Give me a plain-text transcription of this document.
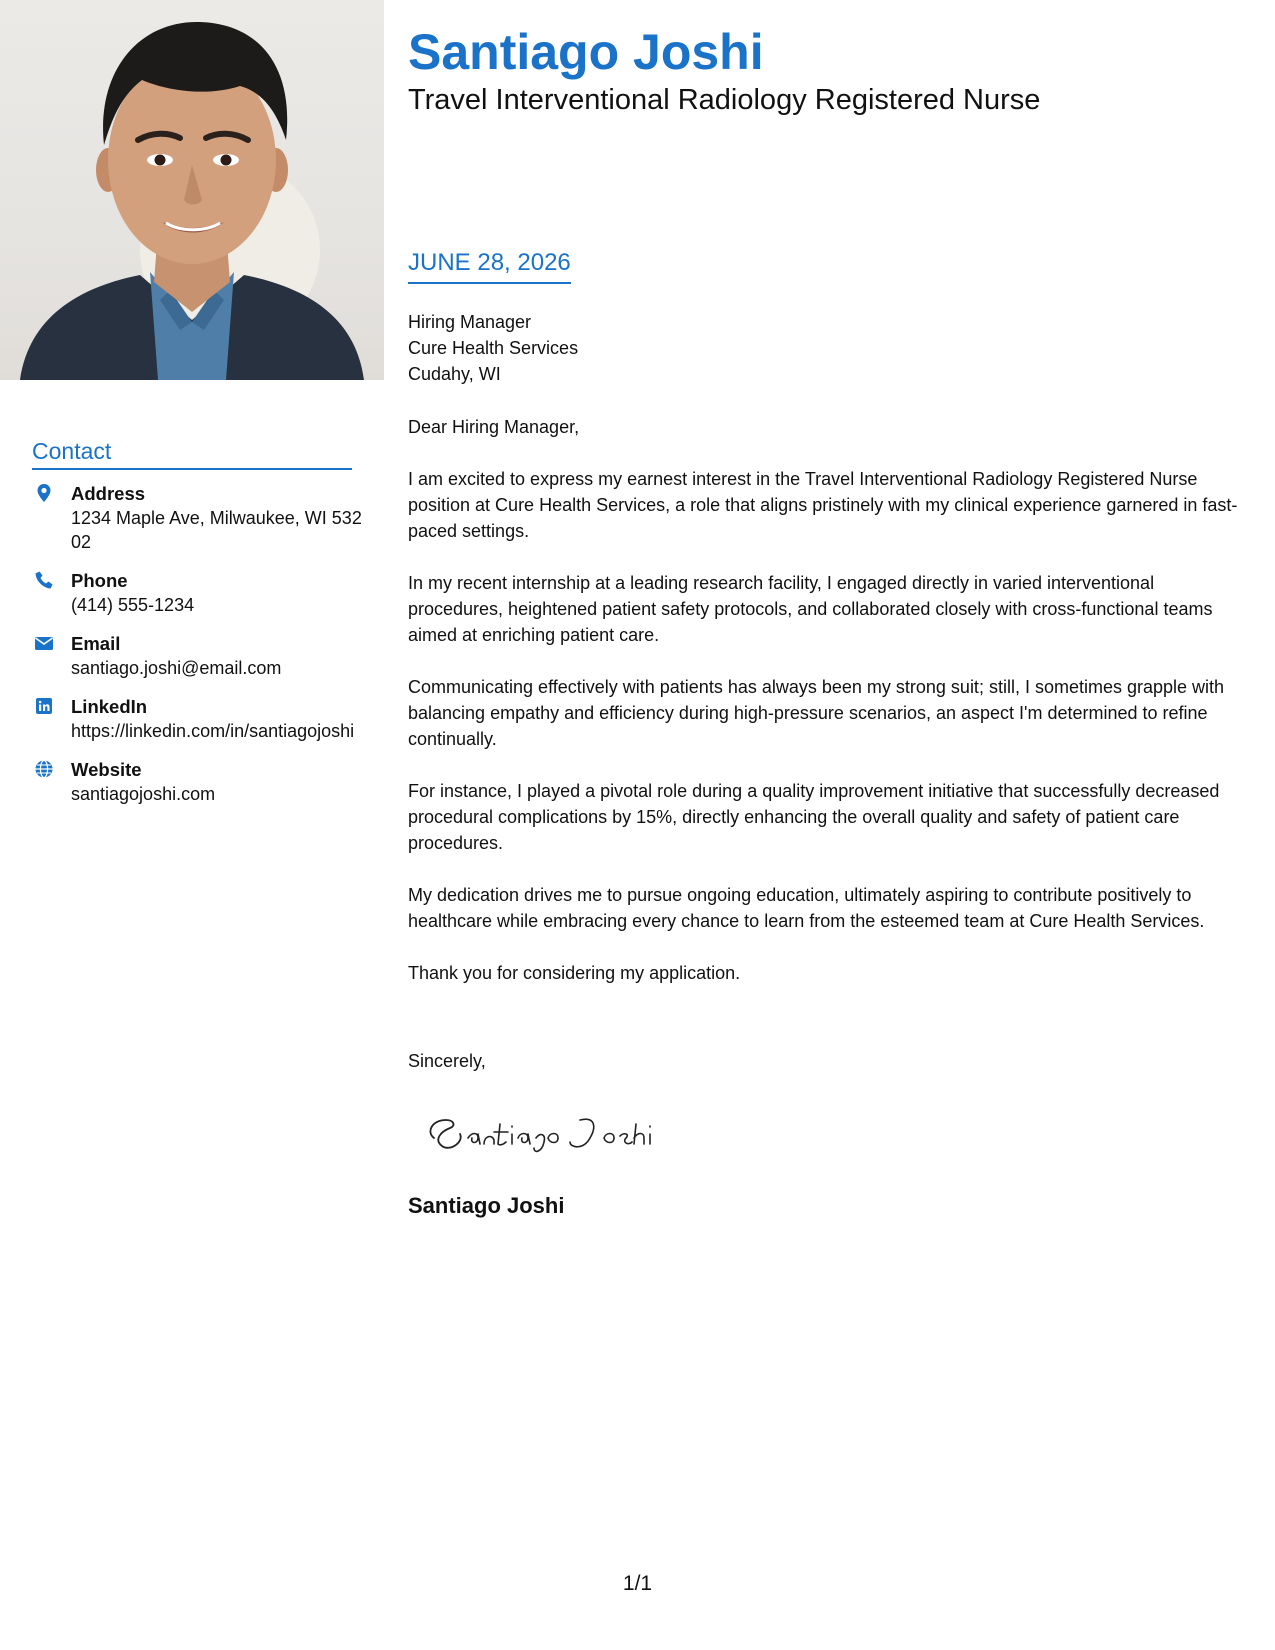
Contact
Address
1234 Maple Ave, Milwaukee, WI 53202
Phone
(414) 555-1234
Email
santiago.joshi@email.com
LinkedIn
https://linkedin.com/in/santiagojoshi
Website
santiagojoshi.com
Santiago Joshi
Travel Interventional Radiology Registered Nurse
JUNE 28, 2026
Hiring Manager
Cure Health Services
Cudahy, WI

Dear Hiring Manager,

I am excited to express my earnest interest in the Travel Interventional Radiology Registered Nurse position at Cure Health Services, a role that aligns pristinely with my clinical experience garnered in fast-paced settings.

In my recent internship at a leading research facility, I engaged directly in varied interventional procedures, heightened patient safety protocols, and collaborated closely with cross-functional teams aimed at enriching patient care.

Communicating effectively with patients has always been my strong suit; still, I sometimes grapple with balancing empathy and efficiency during high-pressure scenarios, an aspect I'm determined to refine continually.

For instance, I played a pivotal role during a quality improvement initiative that successfully decreased procedural complications by 15%, directly enhancing the overall quality and safety of patient care procedures.

My dedication drives me to pursue ongoing education, ultimately aspiring to contribute positively to healthcare while embracing every chance to learn from the esteemed team at Cure Health Services.

Thank you for considering my application.

Sincerely,
Santiago Joshi
1/1
